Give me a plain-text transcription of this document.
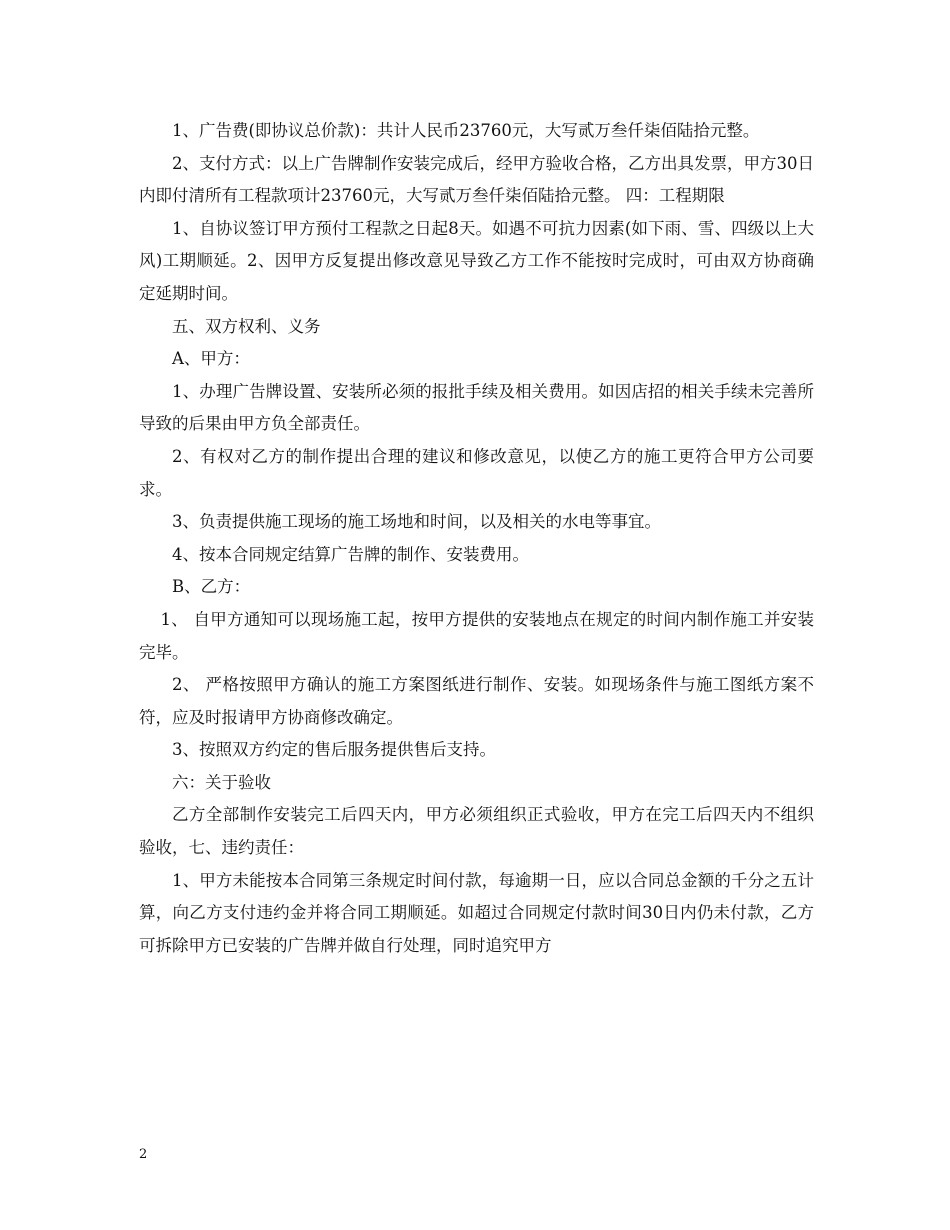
1、广告费(即协议总价款)：共计人民币23760元，大写贰万叁仟柒佰陆拾元整。

2、支付方式：以上广告牌制作安装完成后，经甲方验收合格，乙方出具发票，甲方30日内即付清所有工程款项计23760元，大写贰万叁仟柒佰陆拾元整。 四：工程期限

1、自协议签订甲方预付工程款之日起8天。如遇不可抗力因素(如下雨、雪、四级以上大风)工期顺延。2、因甲方反复提出修改意见导致乙方工作不能按时完成时，可由双方协商确定延期时间。

五、双方权利、义务

A、甲方：

1、办理广告牌设置、安装所必须的报批手续及相关费用。如因店招的相关手续未完善所导致的后果由甲方负全部责任。

2、有权对乙方的制作提出合理的建议和修改意见，以使乙方的施工更符合甲方公司要求。

3、负责提供施工现场的施工场地和时间，以及相关的水电等事宜。

4、按本合同规定结算广告牌的制作、安装费用。

B、乙方：

1、 自甲方通知可以现场施工起，按甲方提供的安装地点在规定的时间内制作施工并安装完毕。

2、 严格按照甲方确认的施工方案图纸进行制作、安装。如现场条件与施工图纸方案不符，应及时报请甲方协商修改确定。

3、按照双方约定的售后服务提供售后支持。

六：关于验收

乙方全部制作安装完工后四天内，甲方必须组织正式验收，甲方在完工后四天内不组织验收，七、违约责任：

1、甲方未能按本合同第三条规定时间付款，每逾期一日，应以合同总金额的千分之五计算，向乙方支付违约金并将合同工期顺延。如超过合同规定付款时间30日内仍未付款，乙方可拆除甲方已安装的广告牌并做自行处理，同时追究甲方

2
